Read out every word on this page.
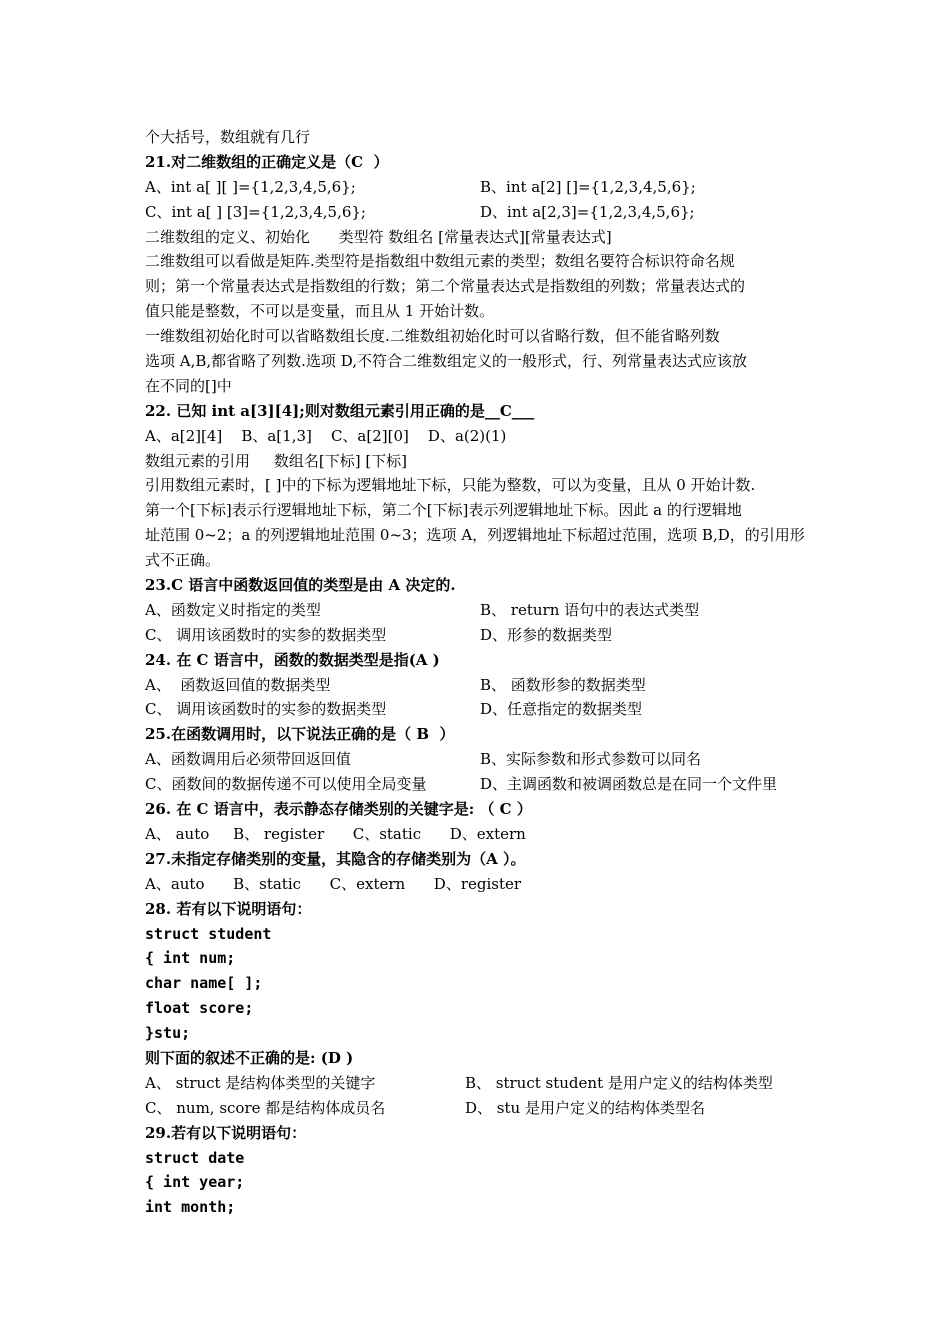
个大括号，数组就有几行
21.对二维数组的正确定义是（C  ）
A、int a[ ][ ]={1,2,3,4,5,6};	B、int a[2] []={1,2,3,4,5,6};
C、int a[ ] [3]={1,2,3,4,5,6};	D、int a[2,3]={1,2,3,4,5,6};
二维数组的定义、初始化      类型符 数组名 [常量表达式][常量表达式]
二维数组可以看做是矩阵.类型符是指数组中数组元素的类型；数组名要符合标识符命名规
则；第一个常量表达式是指数组的行数；第二个常量表达式是指数组的列数；常量表达式的
值只能是整数，不可以是变量，而且从 1 开始计数。
一维数组初始化时可以省略数组长度.二维数组初始化时可以省略行数，但不能省略列数
选项 A,B,都省略了列数.选项 D,不符合二维数组定义的一般形式，行、列常量表达式应该放
在不同的[]中
22. 已知 int a[3][4];则对数组元素引用正确的是__C___
A、a[2][4]    B、a[1,3]    C、a[2][0]    D、a(2)(1)
数组元素的引用     数组名[下标] [下标]
引用数组元素时，[ ]中的下标为逻辑地址下标，只能为整数，可以为变量，且从 0 开始计数.
第一个[下标]表示行逻辑地址下标，第二个[下标]表示列逻辑地址下标。因此 a 的行逻辑地
址范围 0~2；a 的列逻辑地址范围 0~3；选项 A，列逻辑地址下标超过范围，选项 B,D，的引用形
式不正确。
23.C 语言中函数返回值的类型是由 A 决定的.
A、函数定义时指定的类型	B、 return 语句中的表达式类型
C、 调用该函数时的实参的数据类型	D、形参的数据类型
24. 在 C 语言中，函数的数据类型是指(A )
A、  函数返回值的数据类型	B、 函数形参的数据类型
C、 调用该函数时的实参的数据类型	D、任意指定的数据类型
25.在函数调用时，以下说法正确的是（ B  ）
A、函数调用后必须带回返回值	B、实际参数和形式参数可以同名
C、函数间的数据传递不可以使用全局变量	D、主调函数和被调函数总是在同一个文件里
26. 在 C 语言中，表示静态存储类别的关键字是: （ C ）
A、 auto     B、 register      C、static      D、extern
27.未指定存储类别的变量，其隐含的存储类别为（A ）。
A、auto      B、static      C、extern      D、register
28. 若有以下说明语句：
struct student
{ int num;
char name[ ];
float score;
}stu;
则下面的叙述不正确的是: (D )
A、 struct 是结构体类型的关键字	B、 struct student 是用户定义的结构体类型
C、 num, score 都是结构体成员名	D、 stu 是用户定义的结构体类型名
29.若有以下说明语句：
struct date
{ int year;
int month;
